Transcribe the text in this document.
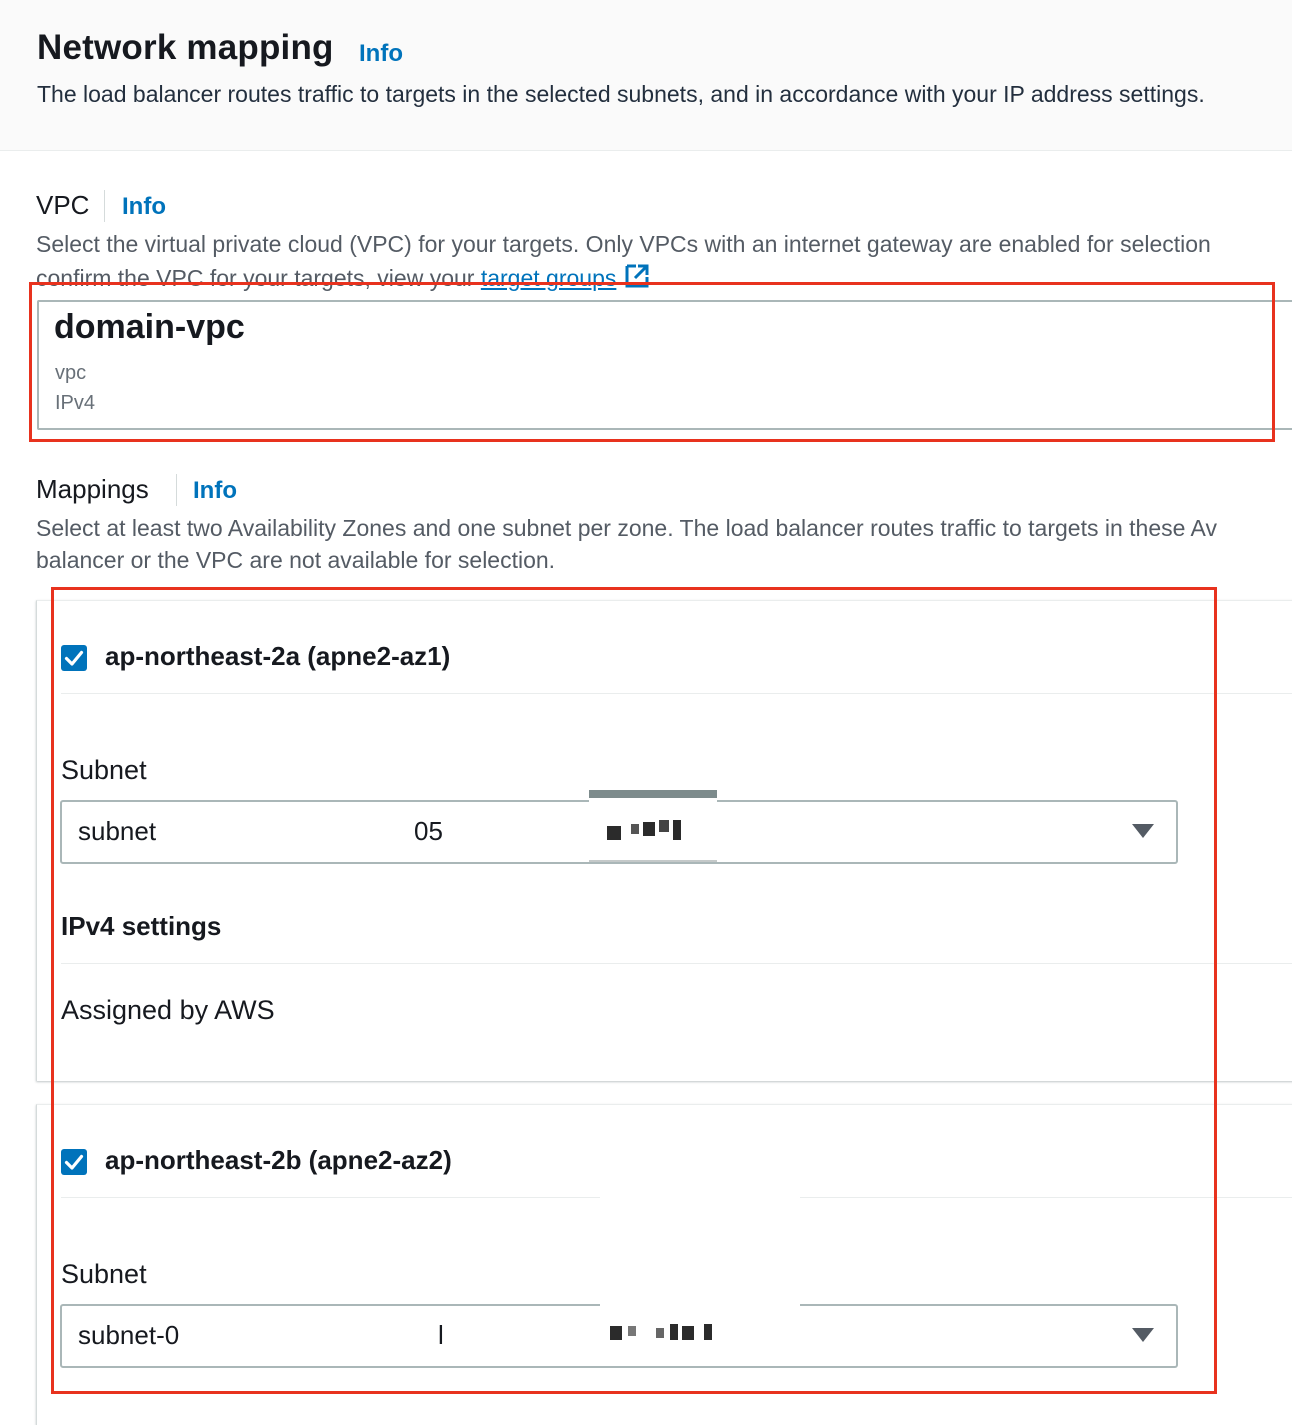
Network mapping Info
The load balancer routes traffic to targets in the selected subnets, and in accordance with your IP address settings.
VPC Info
Select the virtual private cloud (VPC) for your targets. Only VPCs with an internet gateway are enabled for selection
confirm the VPC for your targets, view your target groups
domain-vpc
vpc
IPv4
Mappings Info
Select at least two Availability Zones and one subnet per zone. The load balancer routes traffic to targets in these Av
balancer or the VPC are not available for selection.
ap-northeast-2a (apne2-az1)
Subnet
IPv4 settings
Assigned by AWS
subnet	05
ap-northeast-2b (apne2-az2)
Subnet
subnet-0	l
